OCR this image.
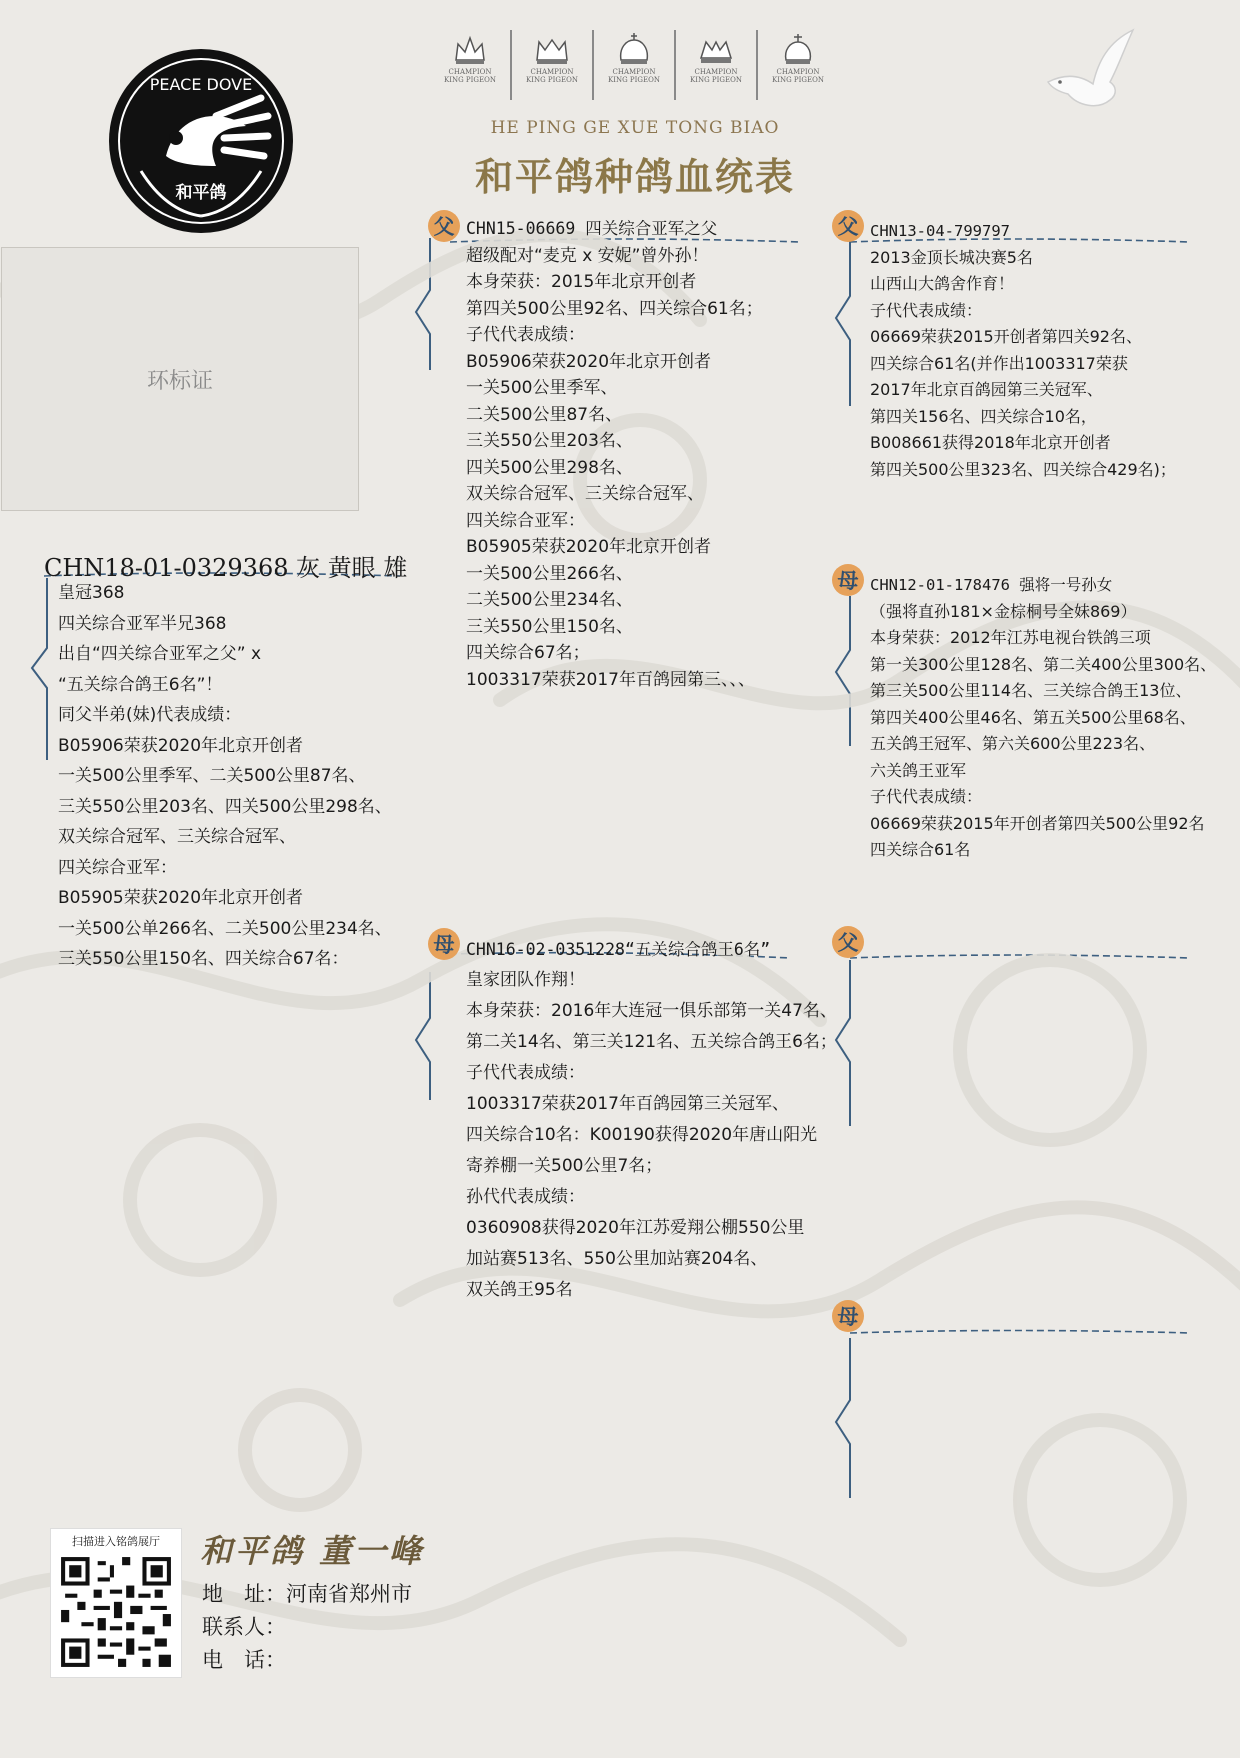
PEACE DOVE
和平鸽
CHAMPION
KING PIGEON
CHAMPION
KING PIGEON
CHAMPION
KING PIGEON
CHAMPION
KING PIGEON
CHAMPION
KING PIGEON
HE PING GE XUE TONG BIAO
和平鸽种鸽血统表
环标证
CHN18-01-0329368 灰 黄眼 雄
皇冠368
四关综合亚军半兄368
出自“四关综合亚军之父” x
“五关综合鸽王6名”！
同父半弟(妹)代表成绩：
B05906荣获2020年北京开创者
一关500公里季军、二关500公里87名、
三关550公里203名、四关500公里298名、
双关综合冠军、三关综合冠军、
四关综合亚军：
B05905荣获2020年北京开创者
一关500公单266名、二关500公里234名、
三关550公里150名、四关综合67名：
父 CHN15-06669 四关综合亚军之父
超级配对“麦克 x 安妮”曾外孙！
本身荣获：2015年北京开创者
第四关500公里92名、四关综合61名；
子代代表成绩：
B05906荣获2020年北京开创者
一关500公里季军、
二关500公里87名、
三关550公里203名、
四关500公里298名、
双关综合冠军、三关综合冠军、
四关综合亚军：
B05905荣获2020年北京开创者
一关500公里266名、
二关500公里234名、
三关550公里150名、
四关综合67名；
1003317荣获2017年百鸽园第三、、、
母 CHN16-02-0351228“五关综合鸽王6名”
皇家团队作翔！
本身荣获：2016年大连冠一俱乐部第一关47名、
第二关14名、第三关121名、五关综合鸽王6名；
子代代表成绩：
1003317荣获2017年百鸽园第三关冠军、
四关综合10名：K00190获得2020年唐山阳光
寄养棚一关500公里7名；
孙代代表成绩：
0360908获得2020年江苏爱翔公棚550公里
加站赛513名、550公里加站赛204名、
双关鸽王95名
父 CHN13-04-799797
2013金顶长城决赛5名
山西山大鸽舍作育！
子代代表成绩：
06669荣获2015开创者第四关92名、
四关综合61名(并作出1003317荣获
2017年北京百鸽园第三关冠军、
第四关156名、四关综合10名，
B008661获得2018年北京开创者
第四关500公里323名、四关综合429名)；
母 CHN12-01-178476 强将一号孙女
（强将直孙181×金棕桐号全妹869）
本身荣获：2012年江苏电视台铁鸽三项
第一关300公里128名、第二关400公里300名、
第三关500公里114名、三关综合鸽王13位、
第四关400公里46名、第五关500公里68名、
五关鸽王冠军、第六关600公里223名、
六关鸽王亚军
子代代表成绩：
06669荣获2015年开创者第四关500公里92名
四关综合61名
父
母
扫描进入铭鸽展厅	和平鸽 董一峰
地　址：河南省郑州市
联系人：
电　话：
